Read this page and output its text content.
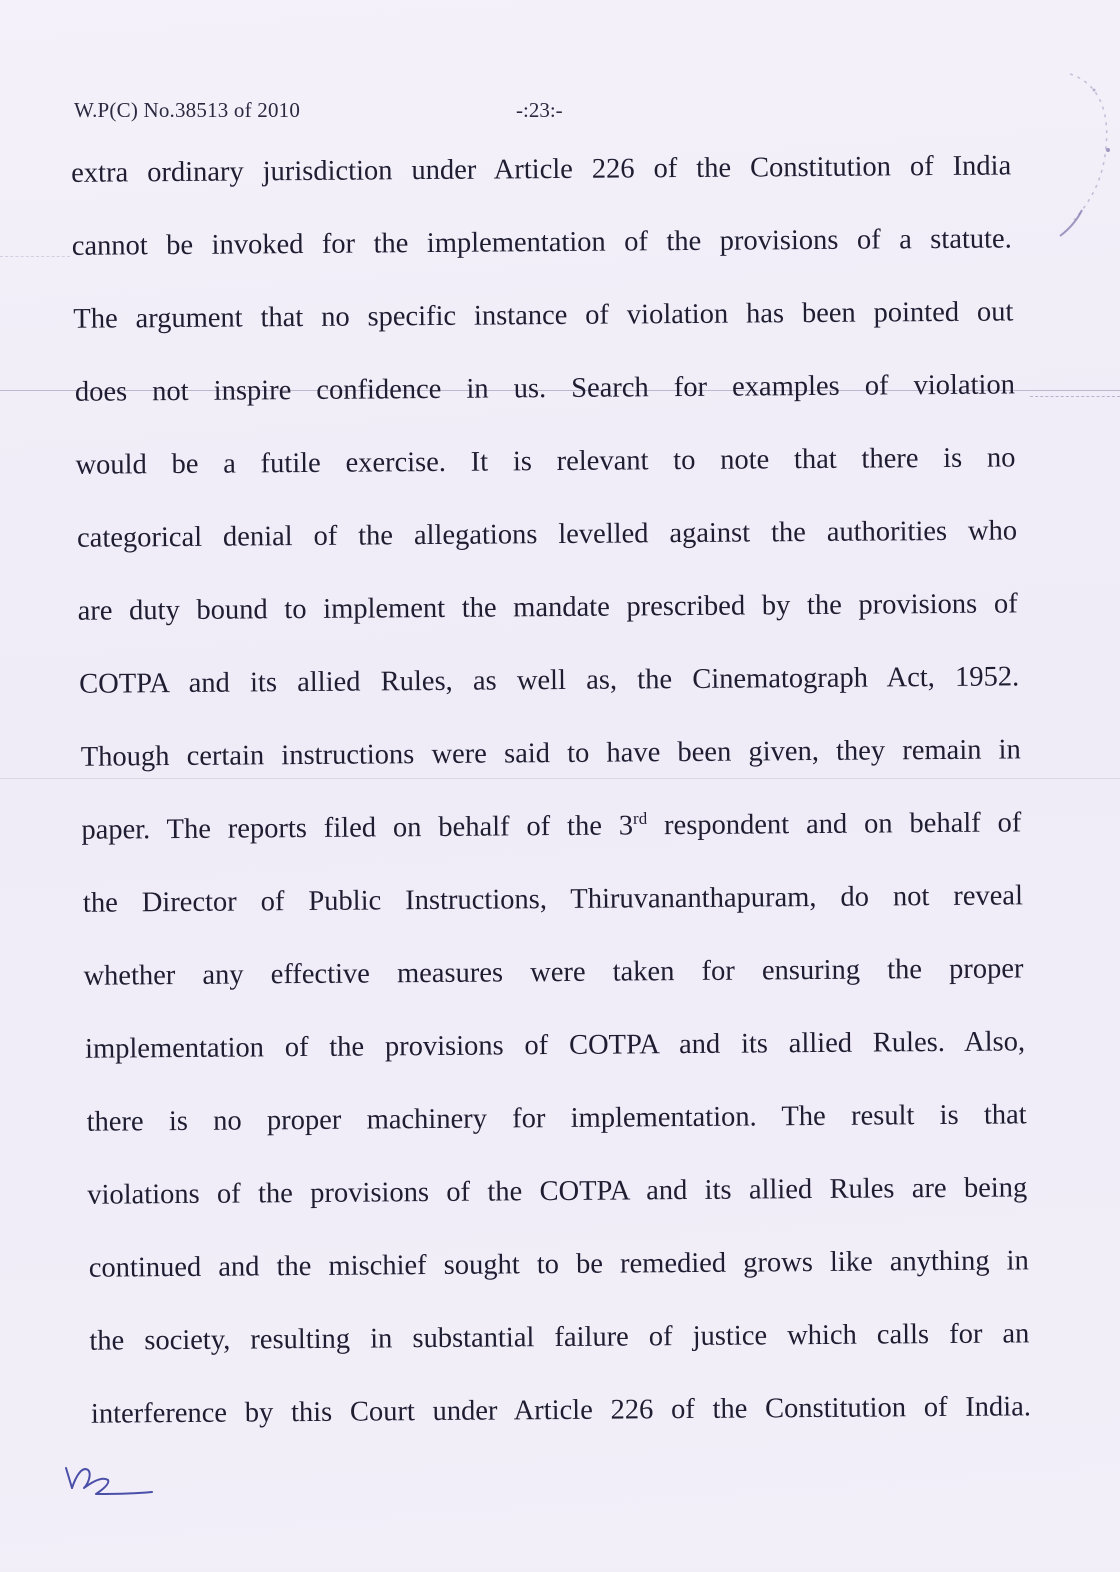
W.P(C) No.38513 of 2010	-:23:-
extra ordinary jurisdiction under Article 226 of the Constitution of India
cannot be invoked for the implementation of the provisions of a statute.
The argument that no specific instance of violation has been pointed out
does not inspire confidence in us. Search for examples of violation
would be a futile exercise. It is relevant to note that there is no
categorical denial of the allegations levelled against the authorities who
are duty bound to implement the mandate prescribed by the provisions of
COTPA and its allied Rules, as well as, the Cinematograph Act, 1952.
Though certain instructions were said to have been given, they remain in
paper. The reports filed on behalf of the 3rd respondent and on behalf of
the Director of Public Instructions, Thiruvananthapuram, do not reveal
whether any effective measures were taken for ensuring the proper
implementation of the provisions of COTPA and its allied Rules. Also,
there is no proper machinery for implementation. The result is that
violations of the provisions of the COTPA and its allied Rules are being
continued and the mischief sought to be remedied grows like anything in
the society, resulting in substantial failure of justice which calls for an
interference by this Court under Article 226 of the Constitution of India.
